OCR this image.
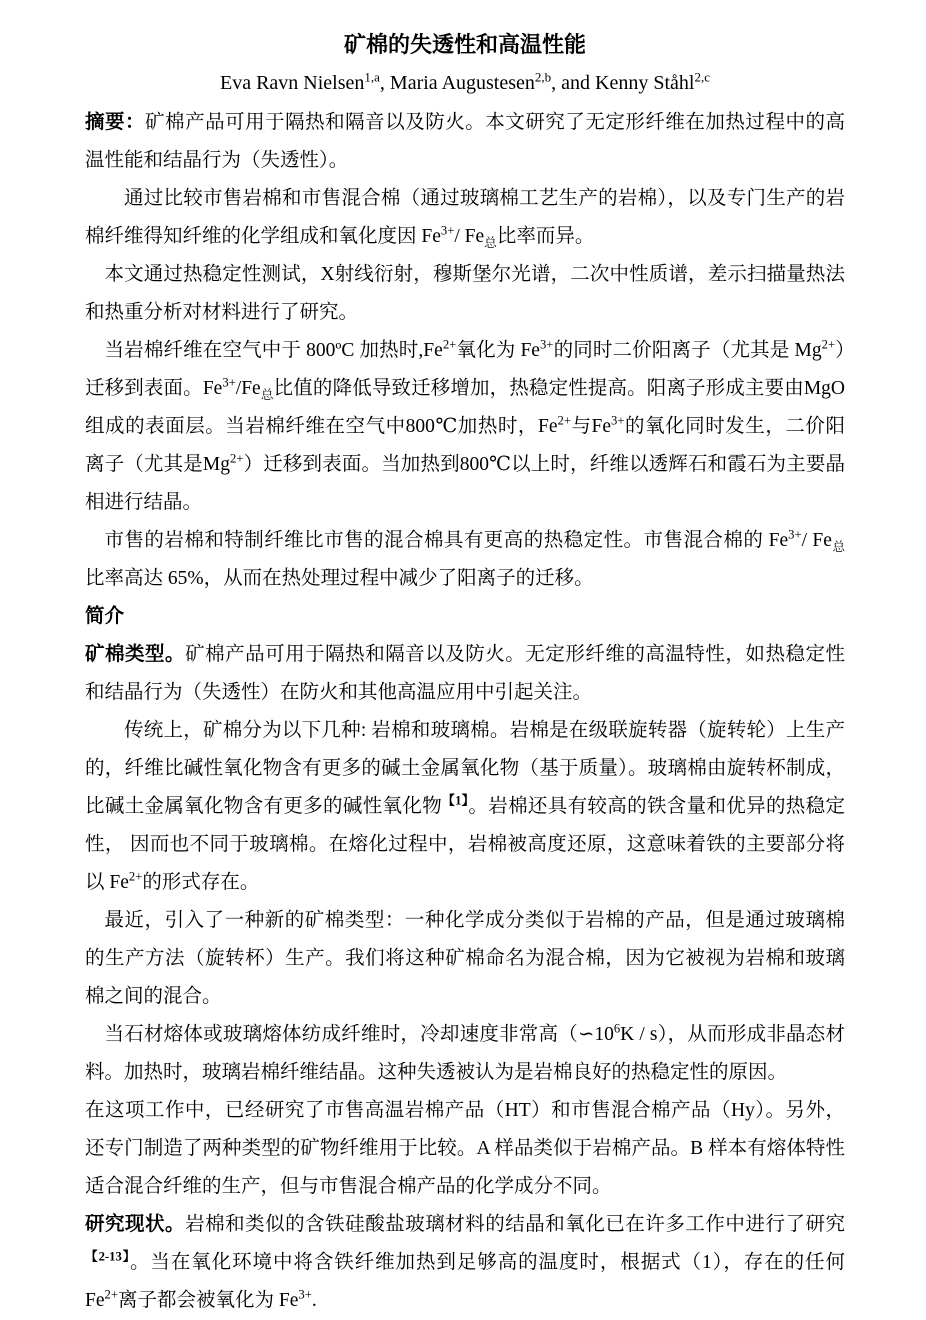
矿棉的失透性和高温性能

Eva Ravn Nielsen$^{1,a}$, Maria Augustesen$^{2,b}$, and Kenny Ståhl$^{2,c}$

摘要：矿棉产品可用于隔热和隔音以及防火。本文研究了无定形纤维在加热过程中的高温性能和结晶行为（失透性）。

通过比较市售岩棉和市售混合棉（通过玻璃棉工艺生产的岩棉），以及专门生产的岩棉纤维得知纤维的化学组成和氧化度因 $Fe^{3+}/$ $Fe_总$比率而异。

本文通过热稳定性测试，X射线衍射，穆斯堡尔光谱，二次中性质谱，差示扫描量热法和热重分析对材料进行了研究。

当岩棉纤维在空气中于 800ºC 加热时$,Fe^{2+}$氧化为 $Fe^{3+}$的同时二价阳离子（尤其是 $Mg^{2+}$）迁移到表面。$Fe^{3+}/Fe_总$比值的降低导致迁移增加，热稳定性提高。阳离子形成主要由MgO 组成的表面层。当岩棉纤维在空气中800℃加热时，$Fe^{2+}$与$Fe^{3+}$的氧化同时发生，二价阳离子（尤其是$Mg^{2+}$）迁移到表面。当加热到800℃以上时，纤维以透辉石和霞石为主要晶相进行结晶。

市售的岩棉和特制纤维比市售的混合棉具有更高的热稳定性。市售混合棉的 $Fe^{3+}/$ $Fe_总$比率高达 65%，从而在热处理过程中减少了阳离子的迁移。

简介

矿棉类型。矿棉产品可用于隔热和隔音以及防火。无定形纤维的高温特性，如热稳定性和结晶行为（失透性）在防火和其他高温应用中引起关注。

传统上，矿棉分为以下几种: 岩棉和玻璃棉。岩棉是在级联旋转器（旋转轮）上生产的，纤维比碱性氧化物含有更多的碱土金属氧化物（基于质量）。玻璃棉由旋转杯制成，比碱土金属氧化物含有更多的碱性氧化物$^{【1】}$。岩棉还具有较高的铁含量和优异的热稳定性， 因而也不同于玻璃棉。在熔化过程中，岩棉被高度还原，这意味着铁的主要部分将以 $Fe^{2+}$的形式存在。

最近，引入了一种新的矿棉类型：一种化学成分类似于岩棉的产品，但是通过玻璃棉的生产方法（旋转杯）生产。我们将这种矿棉命名为混合棉，因为它被视为岩棉和玻璃棉之间的混合。

当石材熔体或玻璃熔体纺成纤维时，冷却速度非常高$(∽10^6K / s)$，从而形成非晶态材料。加热时，玻璃岩棉纤维结晶。这种失透被认为是岩棉良好的热稳定性的原因。

在这项工作中，已经研究了市售高温岩棉产品（HT）和市售混合棉产品（Hy）。另外， 还专门制造了两种类型的矿物纤维用于比较。A 样品类似于岩棉产品。B 样本有熔体特性适合混合纤维的生产，但与市售混合棉产品的化学成分不同。

研究现状。岩棉和类似的含铁硅酸盐玻璃材料的结晶和氧化已在许多工作中进行了研究$^{【2-13】}$。当在氧化环境中将含铁纤维加热到足够高的温度时，根据式（1），存在的任何 $Fe^{2+}$离子都会被氧化为 $Fe^{3+}$.
